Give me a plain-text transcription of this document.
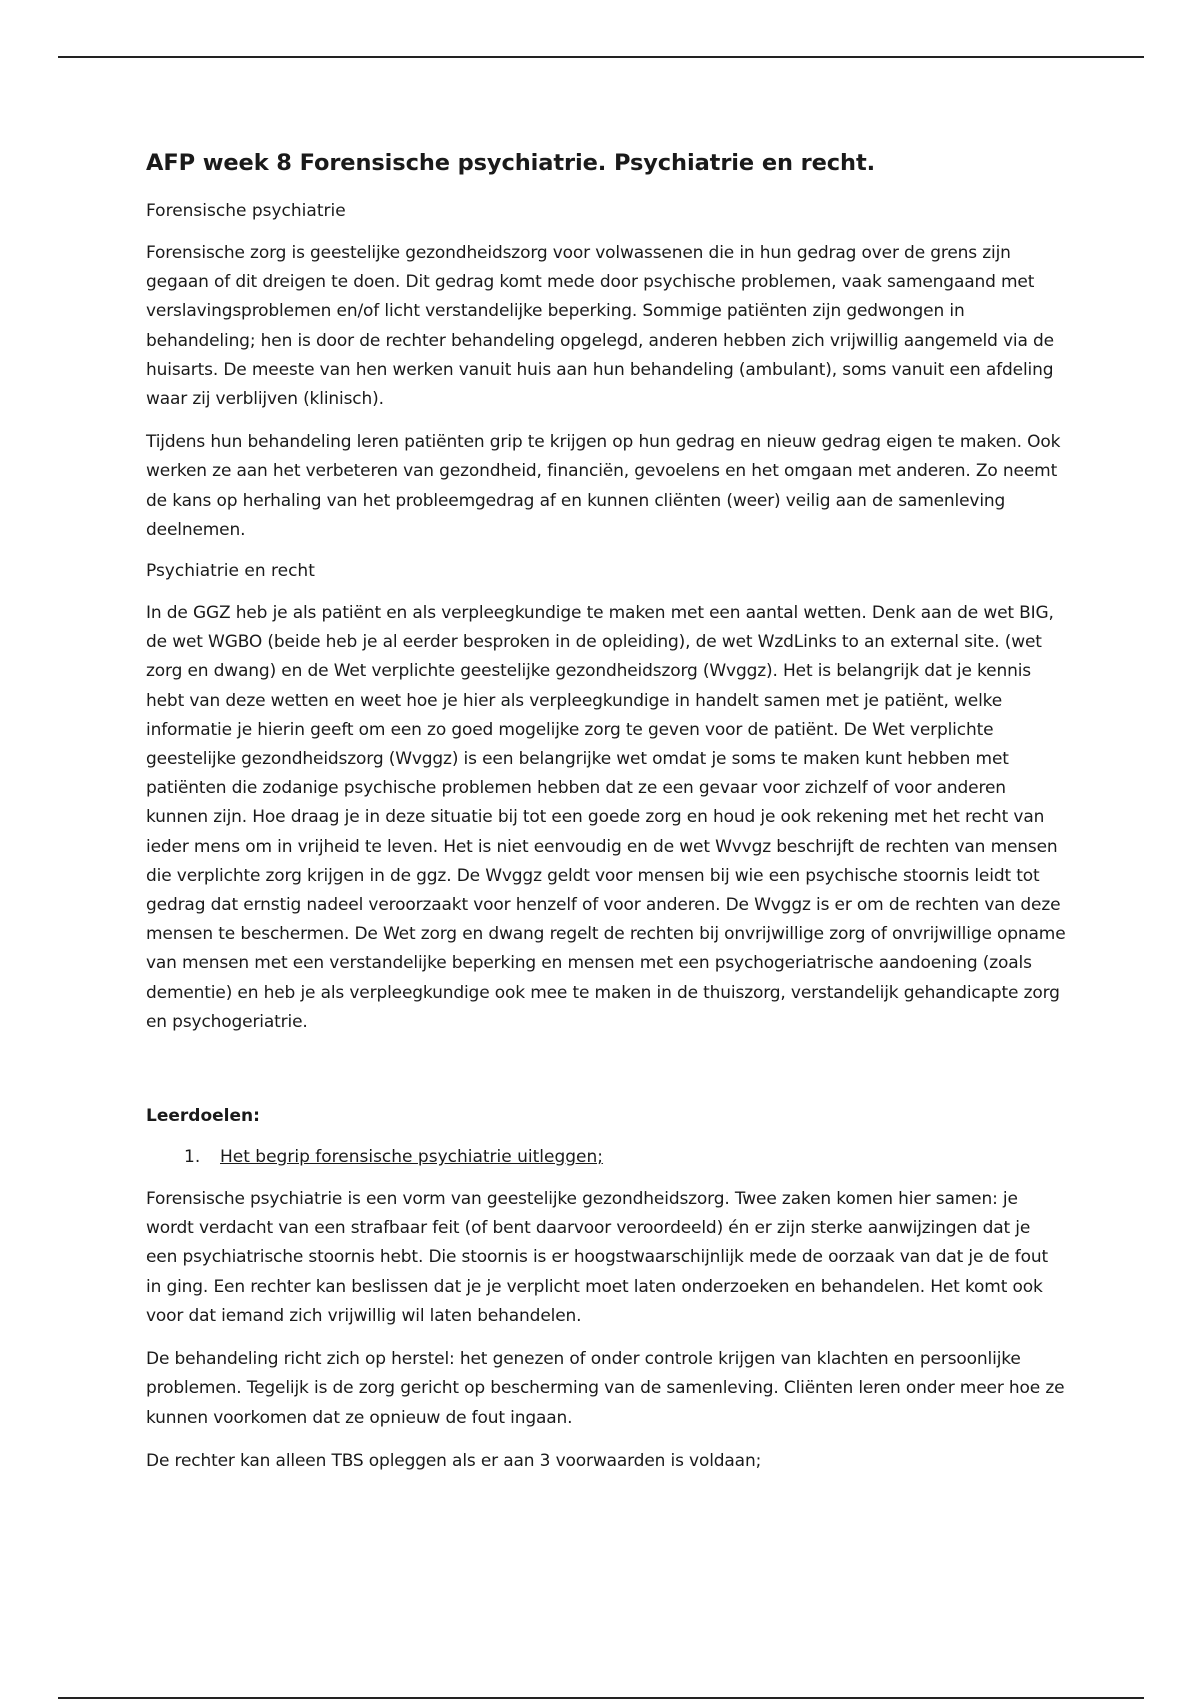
AFP week 8 Forensische psychiatrie. Psychiatrie en recht.

Forensische psychiatrie

Forensische zorg is geestelijke gezondheidszorg voor volwassenen die in hun gedrag over de grens zijn gegaan of dit dreigen te doen. Dit gedrag komt mede door psychische problemen, vaak samengaand met verslavingsproblemen en/of licht verstandelijke beperking. Sommige patiënten zijn gedwongen in behandeling; hen is door de rechter behandeling opgelegd, anderen hebben zich vrijwillig aangemeld via de huisarts. De meeste van hen werken vanuit huis aan hun behandeling (ambulant), soms vanuit een afdeling waar zij verblijven (klinisch).

Tijdens hun behandeling leren patiënten grip te krijgen op hun gedrag en nieuw gedrag eigen te maken. Ook werken ze aan het verbeteren van gezondheid, financiën, gevoelens en het omgaan met anderen. Zo neemt de kans op herhaling van het probleemgedrag af en kunnen cliënten (weer) veilig aan de samenleving deelnemen.

Psychiatrie en recht

In de GGZ heb je als patiënt en als verpleegkundige te maken met een aantal wetten. Denk aan de wet BIG, de wet WGBO (beide heb je al eerder besproken in de opleiding), de wet WzdLinks to an external site. (wet zorg en dwang) en de Wet verplichte geestelijke gezondheidszorg (Wvggz). Het is belangrijk dat je kennis hebt van deze wetten en weet hoe je hier als verpleegkundige in handelt samen met je patiënt, welke informatie je hierin geeft om een zo goed mogelijke zorg te geven voor de patiënt. De Wet verplichte geestelijke gezondheidszorg (Wvggz) is een belangrijke wet omdat je soms te maken kunt hebben met patiënten die zodanige psychische problemen hebben dat ze een gevaar voor zichzelf of voor anderen kunnen zijn. Hoe draag je in deze situatie bij tot een goede zorg en houd je ook rekening met het recht van ieder mens om in vrijheid te leven. Het is niet eenvoudig en de wet Wvvgz beschrijft de rechten van mensen die verplichte zorg krijgen in de ggz. De Wvggz geldt voor mensen bij wie een psychische stoornis leidt tot gedrag dat ernstig nadeel veroorzaakt voor henzelf of voor anderen. De Wvggz is er om de rechten van deze mensen te beschermen. De Wet zorg en dwang regelt de rechten bij onvrijwillige zorg of onvrijwillige opname van mensen met een verstandelijke beperking en mensen met een psychogeriatrische aandoening (zoals dementie) en heb je als verpleegkundige ook mee te maken in de thuiszorg, verstandelijk gehandicapte zorg en psychogeriatrie.

Leerdoelen:

1. Het begrip forensische psychiatrie uitleggen;

Forensische psychiatrie is een vorm van geestelijke gezondheidszorg. Twee zaken komen hier samen: je wordt verdacht van een strafbaar feit (of bent daarvoor veroordeeld) én er zijn sterke aanwijzingen dat je een psychiatrische stoornis hebt. Die stoornis is er hoogstwaarschijnlijk mede de oorzaak van dat je de fout in ging. Een rechter kan beslissen dat je je verplicht moet laten onderzoeken en behandelen. Het komt ook voor dat iemand zich vrijwillig wil laten behandelen.

De behandeling richt zich op herstel: het genezen of onder controle krijgen van klachten en persoonlijke problemen. Tegelijk is de zorg gericht op bescherming van de samenleving. Cliënten leren onder meer hoe ze kunnen voorkomen dat ze opnieuw de fout ingaan.

De rechter kan alleen TBS opleggen als er aan 3 voorwaarden is voldaan;
